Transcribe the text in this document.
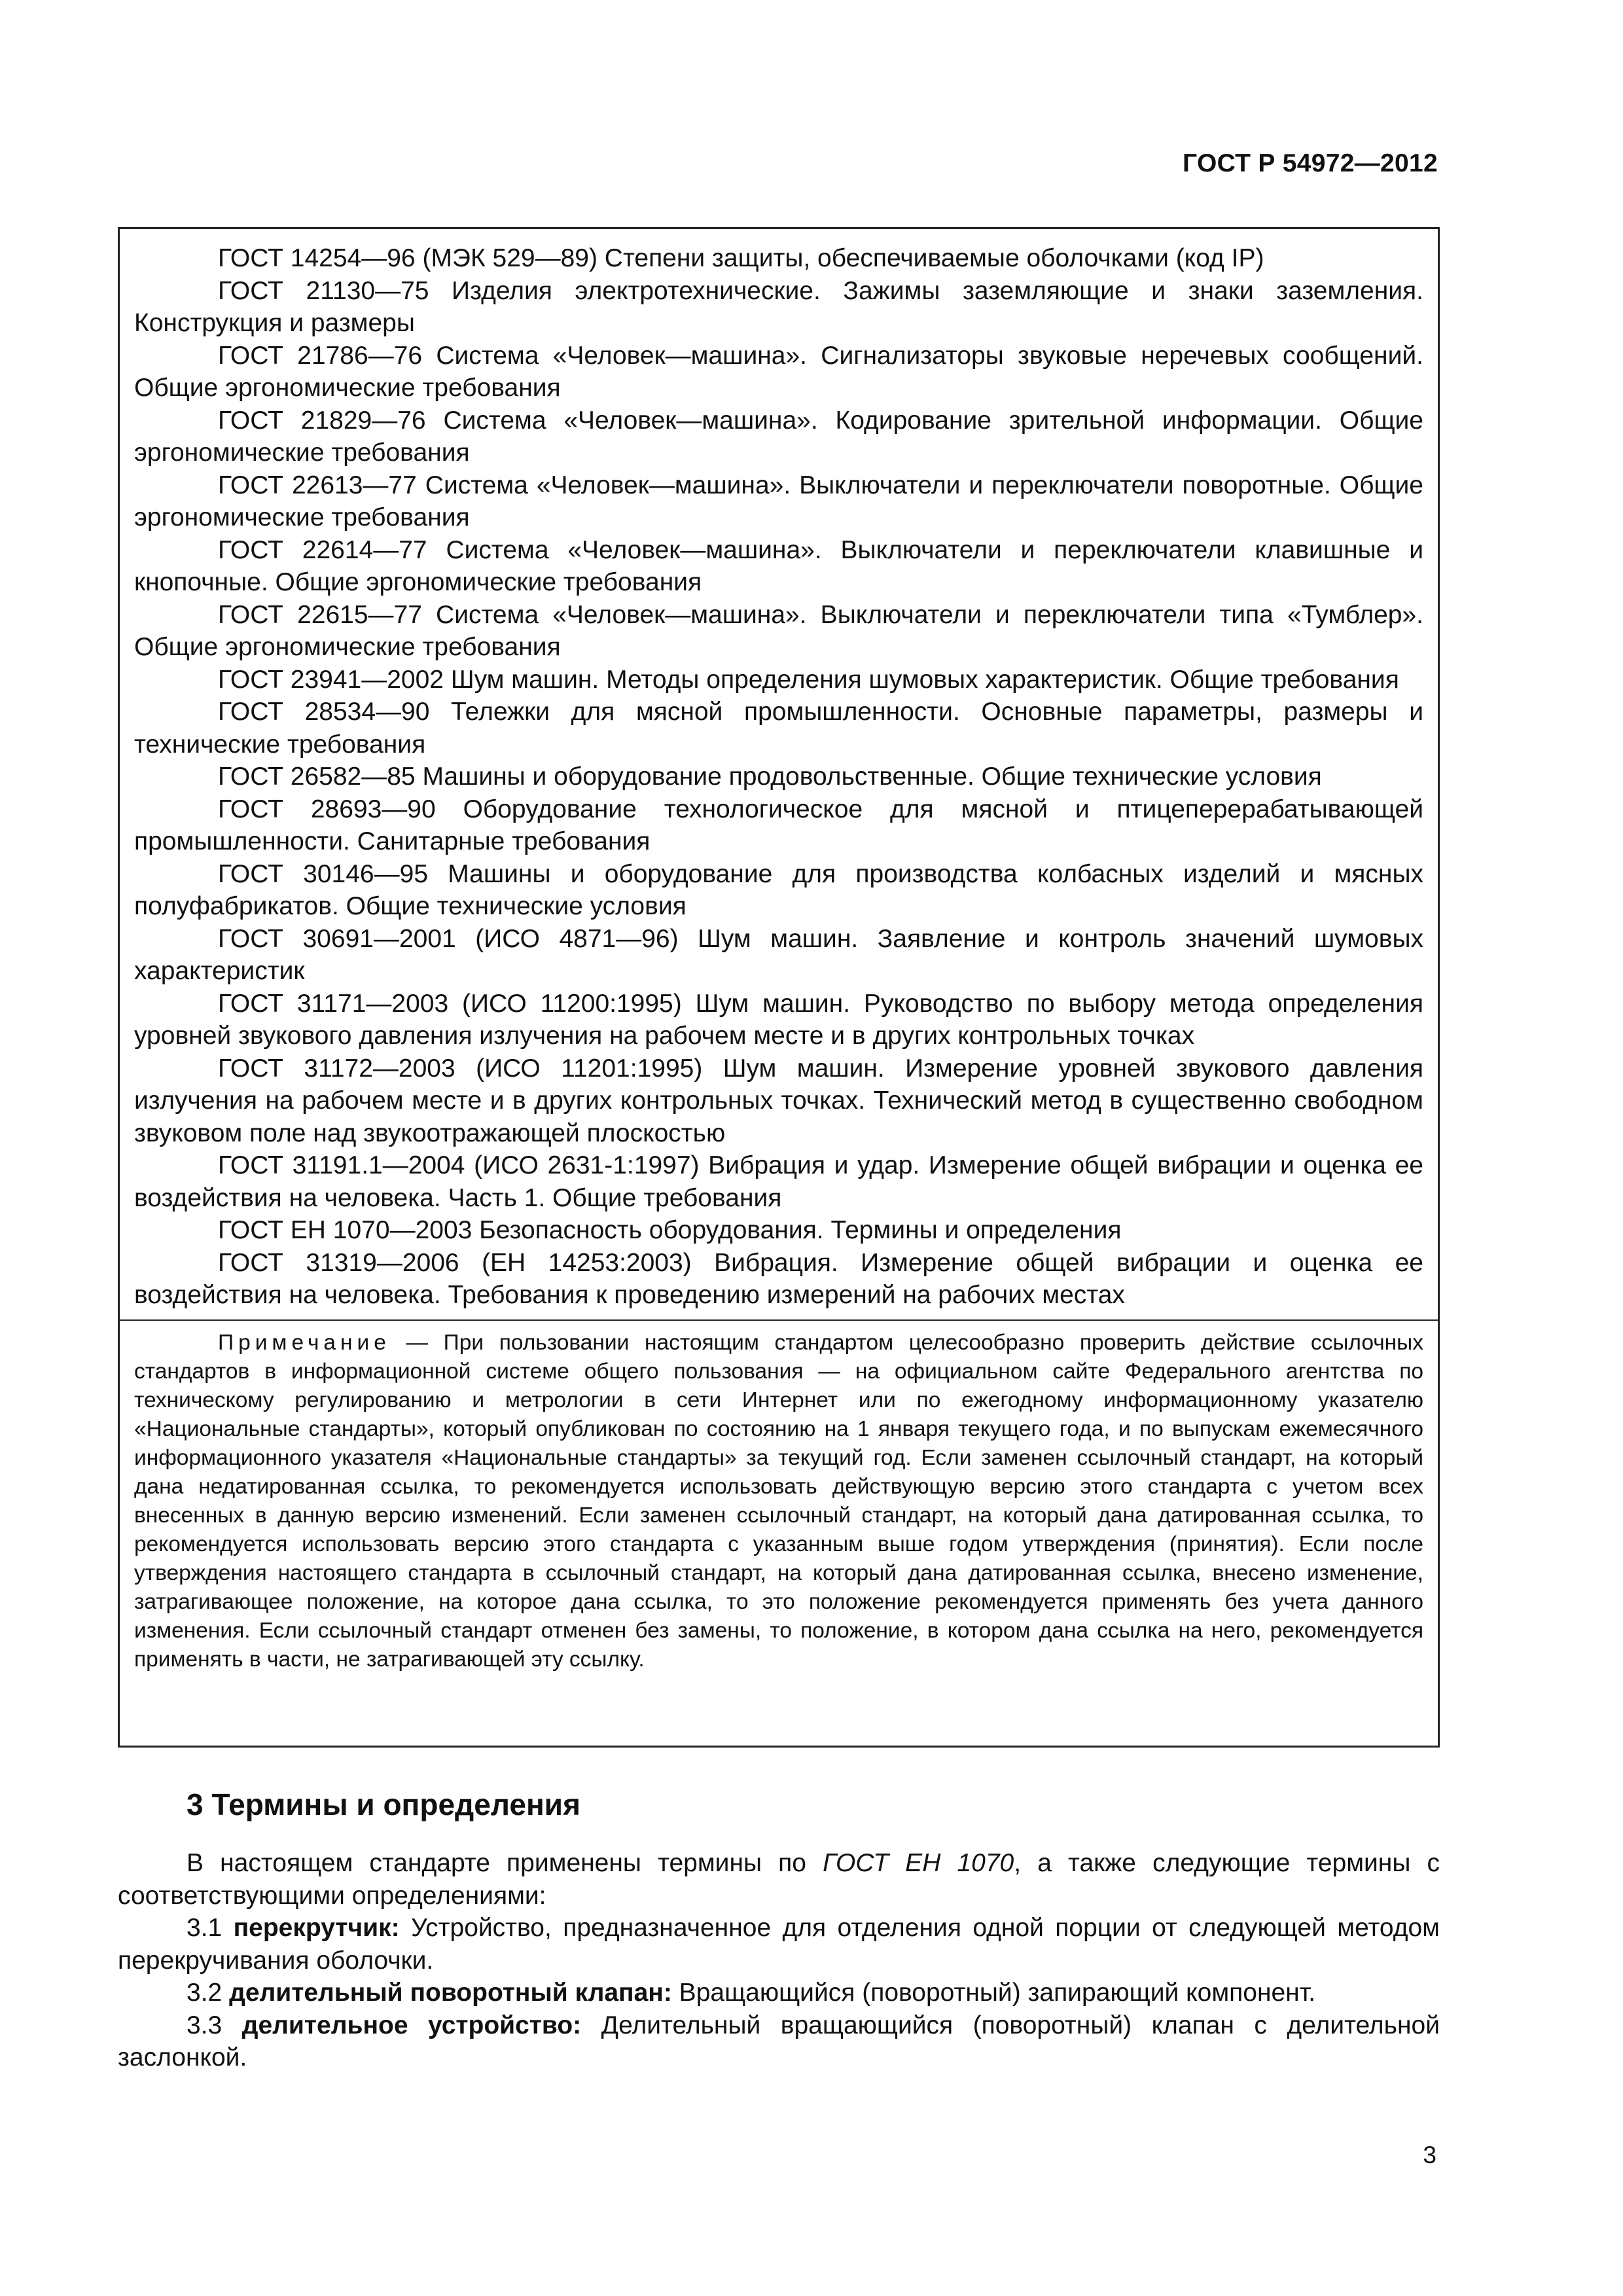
ГОСТ Р 54972—2012

ГОСТ 14254—96 (МЭК 529—89) Степени защиты, обеспечиваемые оболочками (код IP)

ГОСТ 21130—75 Изделия электротехнические. Зажимы заземляющие и знаки заземления. Конструкция и размеры

ГОСТ 21786—76 Система «Человек—машина». Сигнализаторы звуковые неречевых сообщений. Общие эргономические требования

ГОСТ 21829—76 Система «Человек—машина». Кодирование зрительной информации. Общие эргономические требования

ГОСТ 22613—77 Система «Человек—машина». Выключатели и переключатели поворотные. Общие эргономические требования

ГОСТ 22614—77 Система «Человек—машина». Выключатели и переключатели клавишные и кнопочные. Общие эргономические требования

ГОСТ 22615—77 Система «Человек—машина». Выключатели и переключатели типа «Тумблер». Общие эргономические требования

ГОСТ 23941—2002 Шум машин. Методы определения шумовых характеристик. Общие требования

ГОСТ 28534—90 Тележки для мясной промышленности. Основные параметры, размеры и технические требования

ГОСТ 26582—85 Машины и оборудование продовольственные. Общие технические условия

ГОСТ 28693—90 Оборудование технологическое для мясной и птицеперерабатывающей промышленности. Санитарные требования

ГОСТ 30146—95 Машины и оборудование для производства колбасных изделий и мясных полуфабрикатов. Общие технические условия

ГОСТ 30691—2001 (ИСО 4871—96) Шум машин. Заявление и контроль значений шумовых характеристик

ГОСТ 31171—2003 (ИСО 11200:1995) Шум машин. Руководство по выбору метода определения уровней звукового давления излучения на рабочем месте и в других контрольных точках

ГОСТ 31172—2003 (ИСО 11201:1995) Шум машин. Измерение уровней звукового давления излучения на рабочем месте и в других контрольных точках. Технический метод в существенно свободном звуковом поле над звукоотражающей плоскостью

ГОСТ 31191.1—2004 (ИСО 2631-1:1997) Вибрация и удар. Измерение общей вибрации и оценка ее воздействия на человека. Часть 1. Общие требования

ГОСТ ЕН 1070—2003 Безопасность оборудования. Термины и определения

ГОСТ 31319—2006 (ЕН 14253:2003) Вибрация. Измерение общей вибрации и оценка ее воздействия на человека. Требования к проведению измерений на рабочих местах

Примечание — При пользовании настоящим стандартом целесообразно проверить действие ссылочных стандартов в информационной системе общего пользования — на официальном сайте Федерального агентства по техническому регулированию и метрологии в сети Интернет или по ежегодному информационному указателю «Национальные стандарты», который опубликован по состоянию на 1 января текущего года, и по выпускам ежемесячного информационного указателя «Национальные стандарты» за текущий год. Если заменен ссылочный стандарт, на который дана недатированная ссылка, то рекомендуется использовать действующую версию этого стандарта с учетом всех внесенных в данную версию изменений. Если заменен ссылочный стандарт, на который дана датированная ссылка, то рекомендуется использовать версию этого стандарта с указанным выше годом утверждения (принятия). Если после утверждения настоящего стандарта в ссылочный стандарт, на который дана датированная ссылка, внесено изменение, затрагивающее положение, на которое дана ссылка, то это положение рекомендуется применять без учета данного изменения. Если ссылочный стандарт отменен без замены, то положение, в котором дана ссылка на него, рекомендуется применять в части, не затрагивающей эту ссылку.

3 Термины и определения

В настоящем стандарте применены термины по ГОСТ ЕН 1070, а также следующие термины с соответствующими определениями:

3.1 перекрутчик: Устройство, предназначенное для отделения одной порции от следующей методом перекручивания оболочки.

3.2 делительный поворотный клапан: Вращающийся (поворотный) запирающий компонент.

3.3 делительное устройство: Делительный вращающийся (поворотный) клапан с делительной заслонкой.

3
